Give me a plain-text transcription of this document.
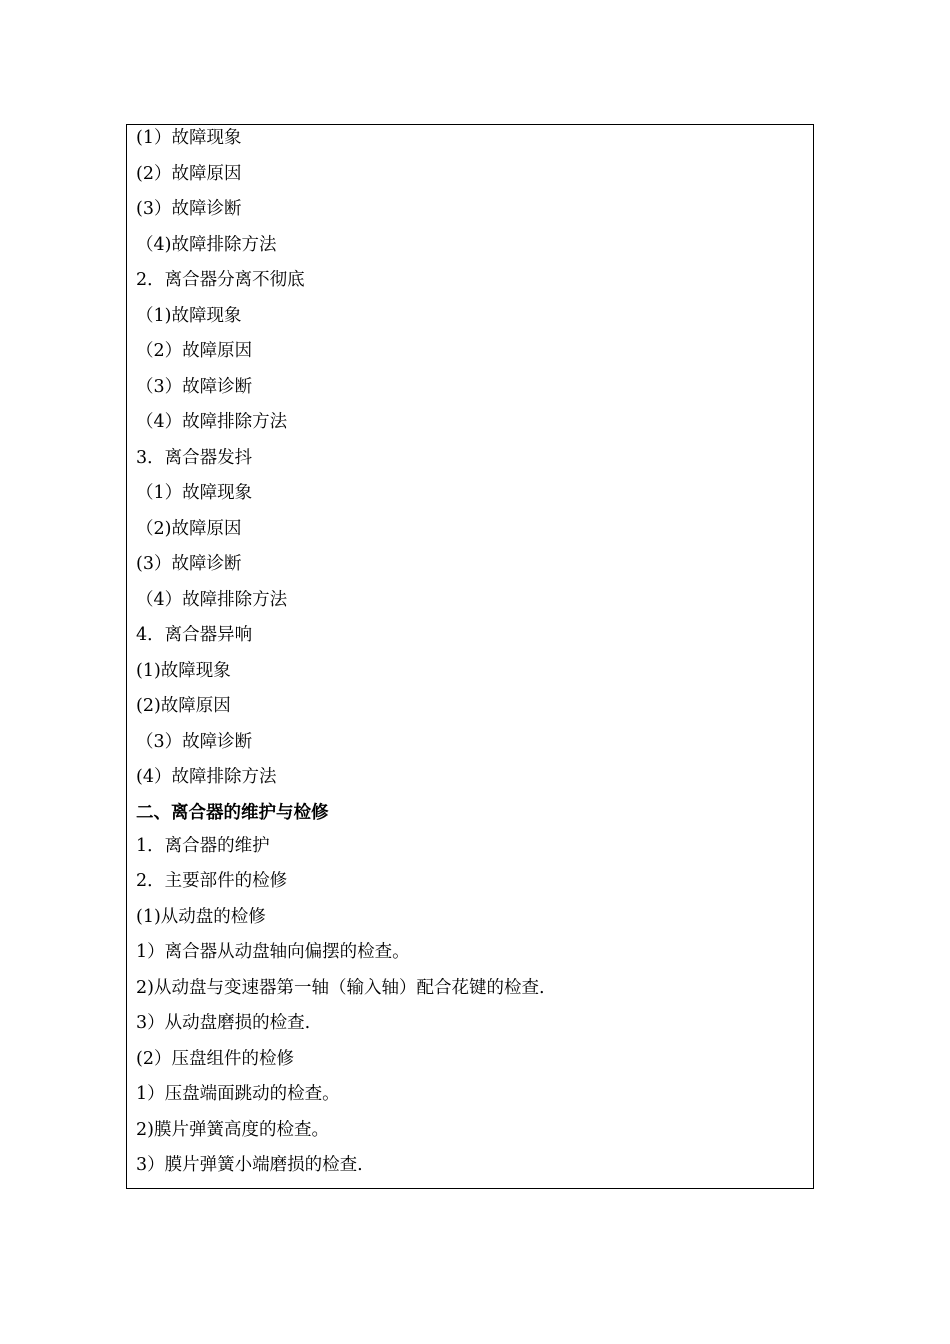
(1）故障现象
(2）故障原因
(3）故障诊断
（4)故障排除方法
2．离合器分离不彻底
（1)故障现象
（2）故障原因
（3）故障诊断
（4）故障排除方法
3．离合器发抖
（1）故障现象
（2)故障原因
(3）故障诊断
（4）故障排除方法
4．离合器异响
(1)故障现象
(2)故障原因
（3）故障诊断
(4）故障排除方法
二、离合器的维护与检修
1．离合器的维护
2．主要部件的检修
(1)从动盘的检修
1）离合器从动盘轴向偏摆的检查。
2)从动盘与变速器第一轴（输入轴）配合花键的检查.
3）从动盘磨损的检查.
(2）压盘组件的检修
1）压盘端面跳动的检查。
2)膜片弹簧高度的检查。
3）膜片弹簧小端磨损的检查.
